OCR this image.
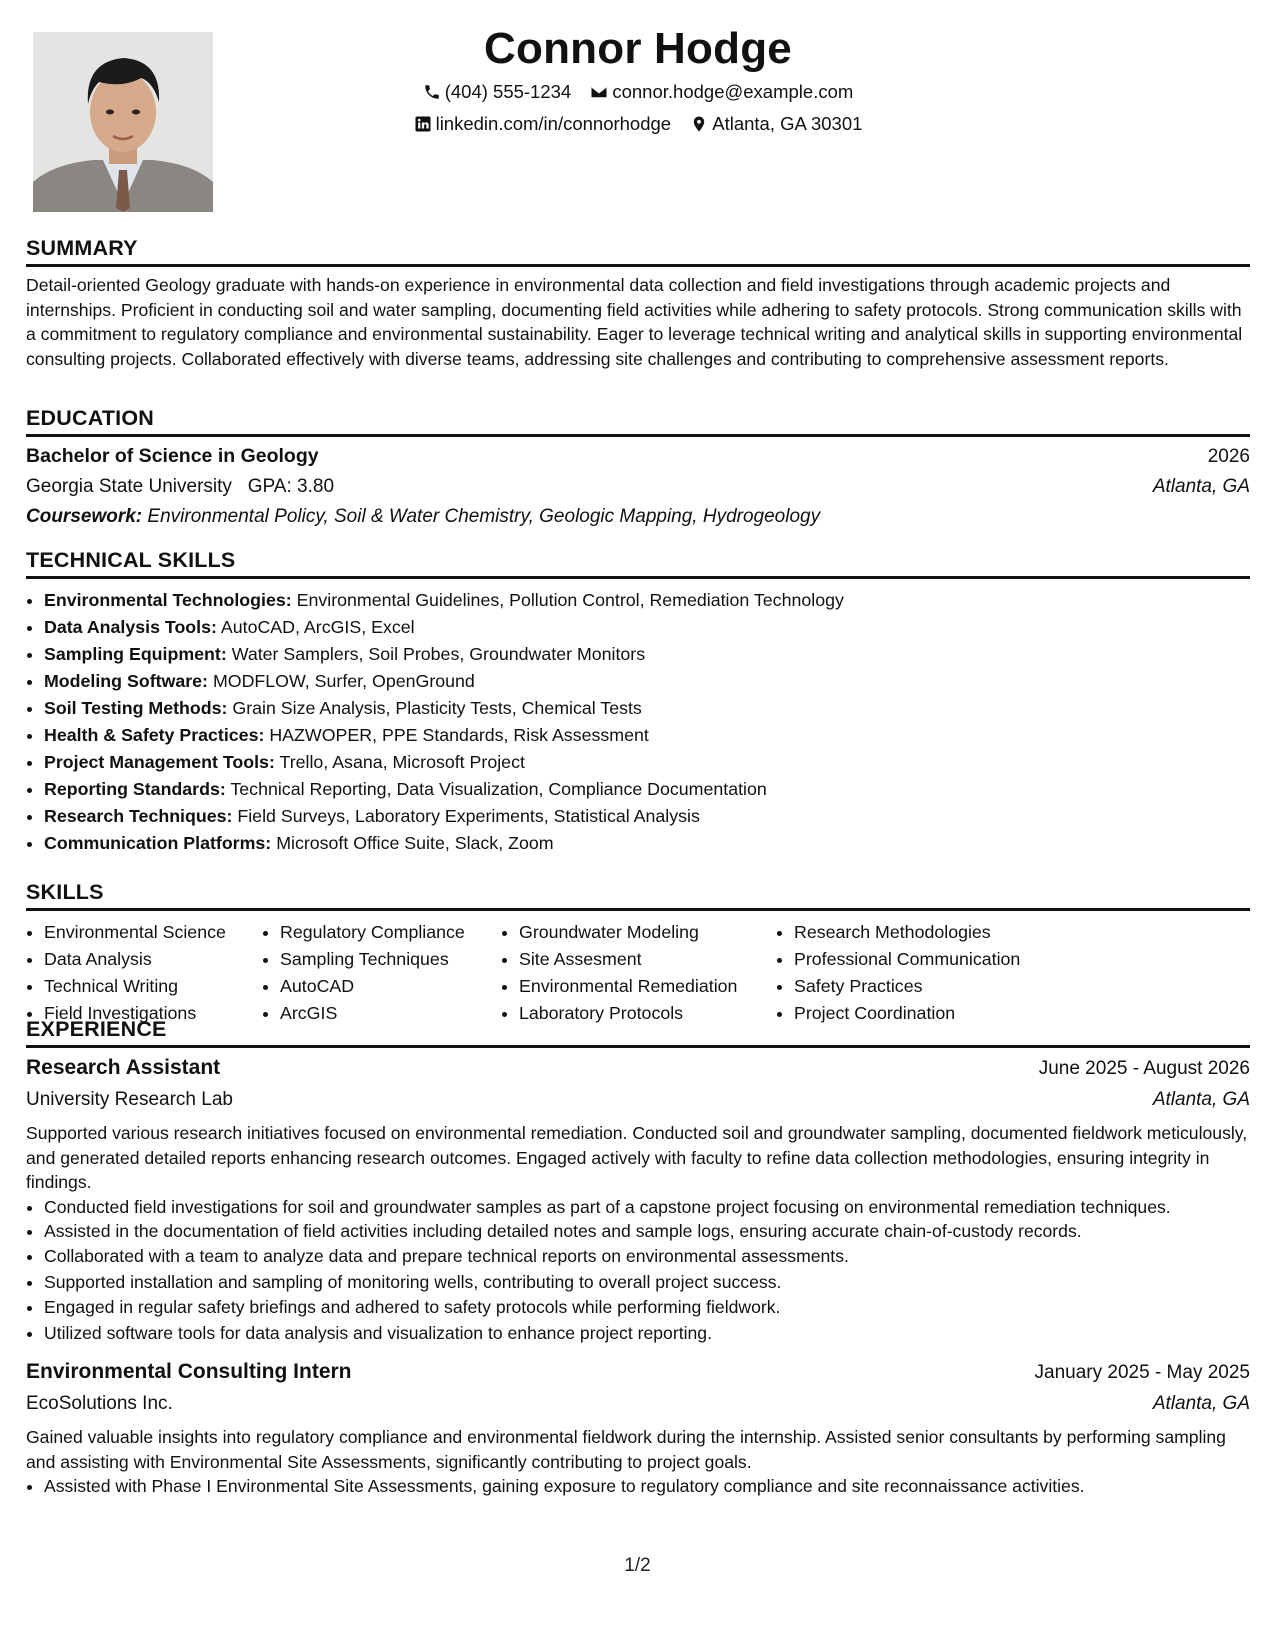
Connor Hodge
(404) 555-1234
connor.hodge@example.com
linkedin.com/in/connorhodge
Atlanta, GA 30301
SUMMARY
Detail-oriented Geology graduate with hands-on experience in environmental data collection and field investigations through academic projects and internships. Proficient in conducting soil and water sampling, documenting field activities while adhering to safety protocols. Strong communication skills with a commitment to regulatory compliance and environmental sustainability. Eager to leverage technical writing and analytical skills in supporting environmental consulting projects. Collaborated effectively with diverse teams, addressing site challenges and contributing to comprehensive assessment reports.
EDUCATION
Bachelor of Science in Geology	2026
Georgia State University GPA: 3.80	Atlanta, GA
Coursework: Environmental Policy, Soil & Water Chemistry, Geologic Mapping, Hydrogeology
TECHNICAL SKILLS
• Environmental Technologies: Environmental Guidelines, Pollution Control, Remediation Technology
• Data Analysis Tools: AutoCAD, ArcGIS, Excel
• Sampling Equipment: Water Samplers, Soil Probes, Groundwater Monitors
• Modeling Software: MODFLOW, Surfer, OpenGround
• Soil Testing Methods: Grain Size Analysis, Plasticity Tests, Chemical Tests
• Health & Safety Practices: HAZWOPER, PPE Standards, Risk Assessment
• Project Management Tools: Trello, Asana, Microsoft Project
• Reporting Standards: Technical Reporting, Data Visualization, Compliance Documentation
• Research Techniques: Field Surveys, Laboratory Experiments, Statistical Analysis
• Communication Platforms: Microsoft Office Suite, Slack, Zoom
SKILLS
• Environmental Science
• Data Analysis
• Technical Writing
• Field Investigations
• Regulatory Compliance
• Sampling Techniques
• AutoCAD
• ArcGIS
• Groundwater Modeling
• Site Assesment
• Environmental Remediation
• Laboratory Protocols
• Research Methodologies
• Professional Communication
• Safety Practices
• Project Coordination
EXPERIENCE
Research Assistant	June 2025 - August 2026
University Research Lab	Atlanta, GA
Supported various research initiatives focused on environmental remediation. Conducted soil and groundwater sampling, documented fieldwork meticulously, and generated detailed reports enhancing research outcomes. Engaged actively with faculty to refine data collection methodologies, ensuring integrity in findings.
• Conducted field investigations for soil and groundwater samples as part of a capstone project focusing on environmental remediation techniques.
• Assisted in the documentation of field activities including detailed notes and sample logs, ensuring accurate chain-of-custody records.
• Collaborated with a team to analyze data and prepare technical reports on environmental assessments.
• Supported installation and sampling of monitoring wells, contributing to overall project success.
• Engaged in regular safety briefings and adhered to safety protocols while performing fieldwork.
• Utilized software tools for data analysis and visualization to enhance project reporting.
Environmental Consulting Intern	January 2025 - May 2025
EcoSolutions Inc.	Atlanta, GA
Gained valuable insights into regulatory compliance and environmental fieldwork during the internship. Assisted senior consultants by performing sampling and assisting with Environmental Site Assessments, significantly contributing to project goals.
• Assisted with Phase I Environmental Site Assessments, gaining exposure to regulatory compliance and site reconnaissance activities.
1/2
